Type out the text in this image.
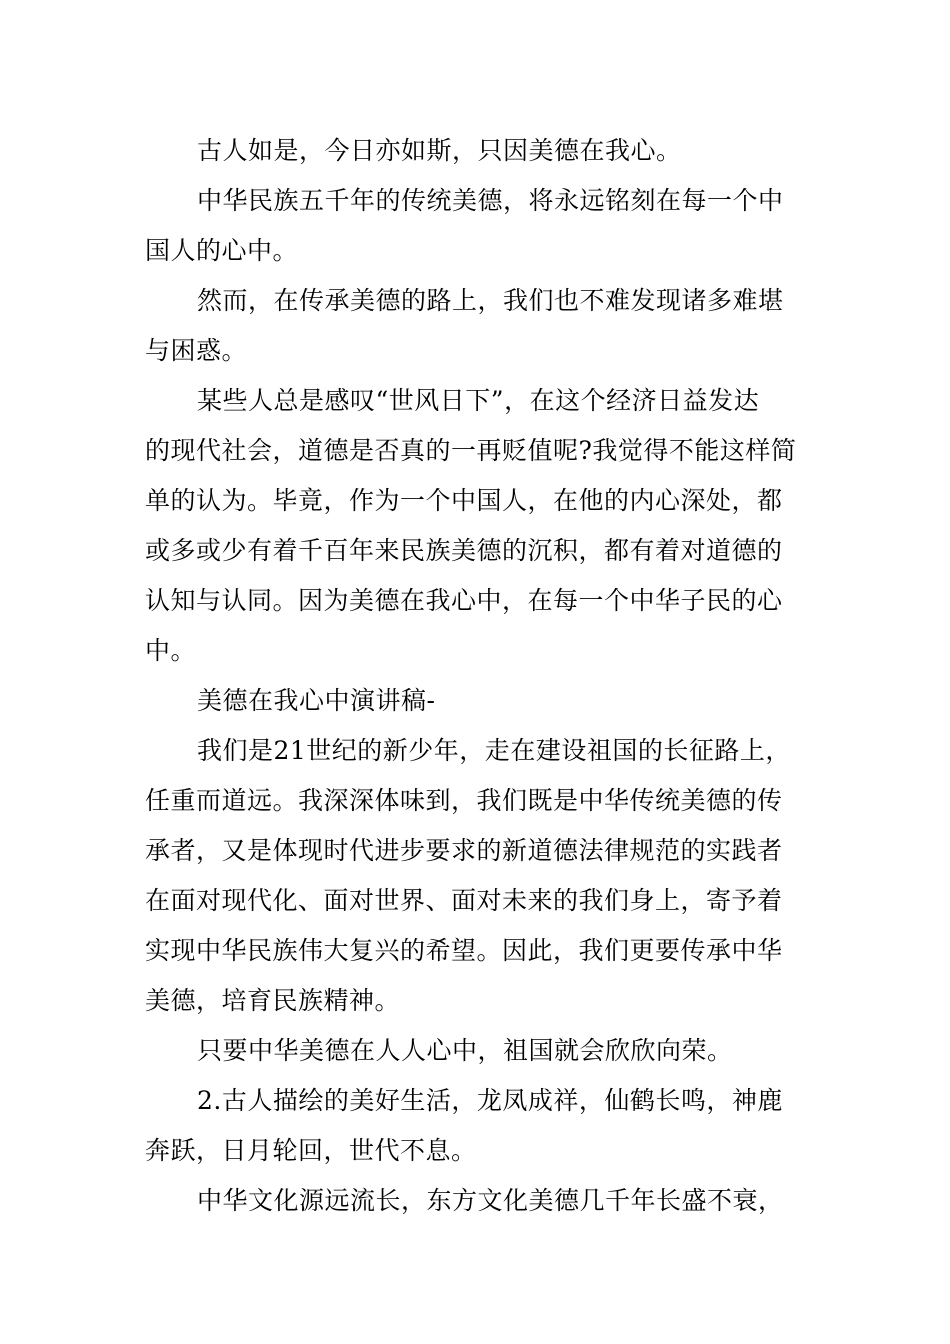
古人如是，今日亦如斯，只因美德在我心。
中华民族五千年的传统美德，将永远铭刻在每一个中
国人的心中。
然而，在传承美德的路上，我们也不难发现诸多难堪
与困惑。
某些人总是感叹“世风日下”，在这个经济日益发达
的现代社会，道德是否真的一再贬值呢?我觉得不能这样简
单的认为。毕竟，作为一个中国人，在他的内心深处，都
或多或少有着千百年来民族美德的沉积，都有着对道德的
认知与认同。因为美德在我心中，在每一个中华子民的心
中。
美德在我心中演讲稿-
我们是21世纪的新少年，走在建设祖国的长征路上，
任重而道远。我深深体味到，我们既是中华传统美德的传
承者，又是体现时代进步要求的新道德法律规范的实践者
在面对现代化、面对世界、面对未来的我们身上，寄予着
实现中华民族伟大复兴的希望。因此，我们更要传承中华
美德，培育民族精神。
只要中华美德在人人心中，祖国就会欣欣向荣。
2.古人描绘的美好生活，龙凤成祥，仙鹤长鸣，神鹿
奔跃，日月轮回，世代不息。
中华文化源远流长，东方文化美德几千年长盛不衰，
